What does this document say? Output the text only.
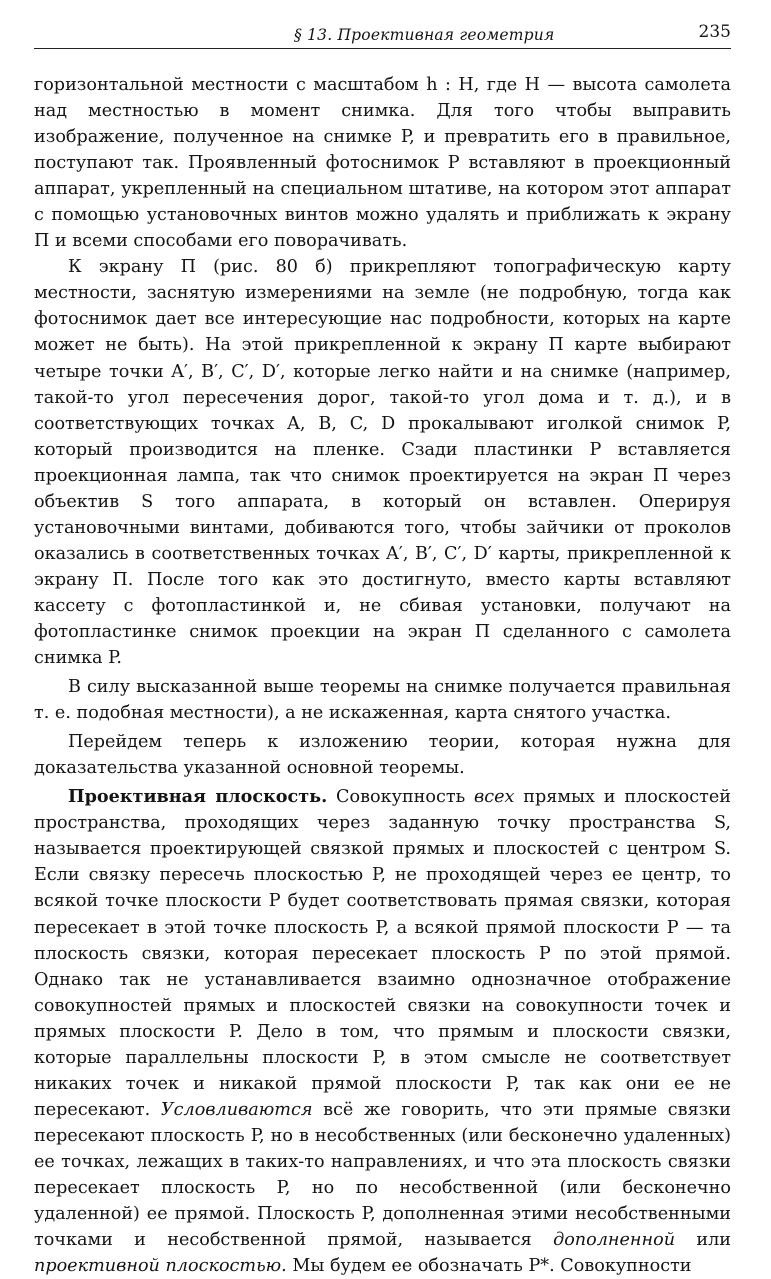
§ 13. Проективная геометрия	235

горизонтальной местности с масштабом h : H, где H — высота самолета над местностью в момент снимка. Для того чтобы выправить изображение, полученное на снимке P, и превратить его в правильное, поступают так. Проявленный фотоснимок P вставляют в проекционный аппарат, укрепленный на специальном штативе, на котором этот аппарат с помощью установочных винтов можно удалять и приближать к экрану Π и всеми способами его поворачивать.

К экрану Π (рис. 80 б) прикрепляют топографическую карту местности, заснятую измерениями на земле (не подробную, тогда как фотоснимок дает все интересующие нас подробности, которых на карте может не быть). На этой прикрепленной к экрану Π карте выбирают четыре точки A′, B′, C′, D′, которые легко найти и на снимке (например, такой-то угол пересечения дорог, такой-то угол дома и т. д.), и в соответствующих точках A, B, C, D прокалывают иголкой снимок P, который производится на пленке. Сзади пластинки P вставляется проекционная лампа, так что снимок проектируется на экран Π через объектив S того аппарата, в который он вставлен. Оперируя установочными винтами, добиваются того, чтобы зайчики от проколов оказались в соответственных точках A′, B′, C′, D′ карты, прикрепленной к экрану Π. После того как это достигнуто, вместо карты вставляют кассету с фотопластинкой и, не сбивая установки, получают на фотопластинке снимок проекции на экран Π сделанного с самолета снимка P.

В силу высказанной выше теоремы на снимке получается правильная т. е. подобная местности), а не искаженная, карта снятого участка.

Перейдем теперь к изложению теории, которая нужна для доказательства указанной основной теоремы.

Проективная плоскость. Совокупность всех прямых и плоскостей пространства, проходящих через заданную точку пространства S, называется проектирующей связкой прямых и плоскостей с центром S. Если связку пересечь плоскостью P, не проходящей через ее центр, то всякой точке плоскости P будет соответствовать прямая связки, которая пересекает в этой точке плоскость P, а всякой прямой плоскости P — та плоскость связки, которая пересекает плоскость P по этой прямой. Однако так не устанавливается взаимно однозначное отображение совокупностей прямых и плоскостей связки на совокупности точек и прямых плоскости P. Дело в том, что прямым и плоскости связки, которые параллельны плоскости P, в этом смысле не соответствует никаких точек и никакой прямой плоскости P, так как они ее не пересекают. Условливаются всё же говорить, что эти прямые связки пересекают плоскость P, но в несобственных (или бесконечно удаленных) ее точках, лежащих в таких-то направлениях, и что эта плоскость связки пересекает плоскость P, но по несобственной (или бесконечно удаленной) ее прямой. Плоскость P, дополненная этими несобственными точками и несобственной прямой, называется дополненной или проективной плоскостью. Мы будем ее обозначать P*. Совокупности
